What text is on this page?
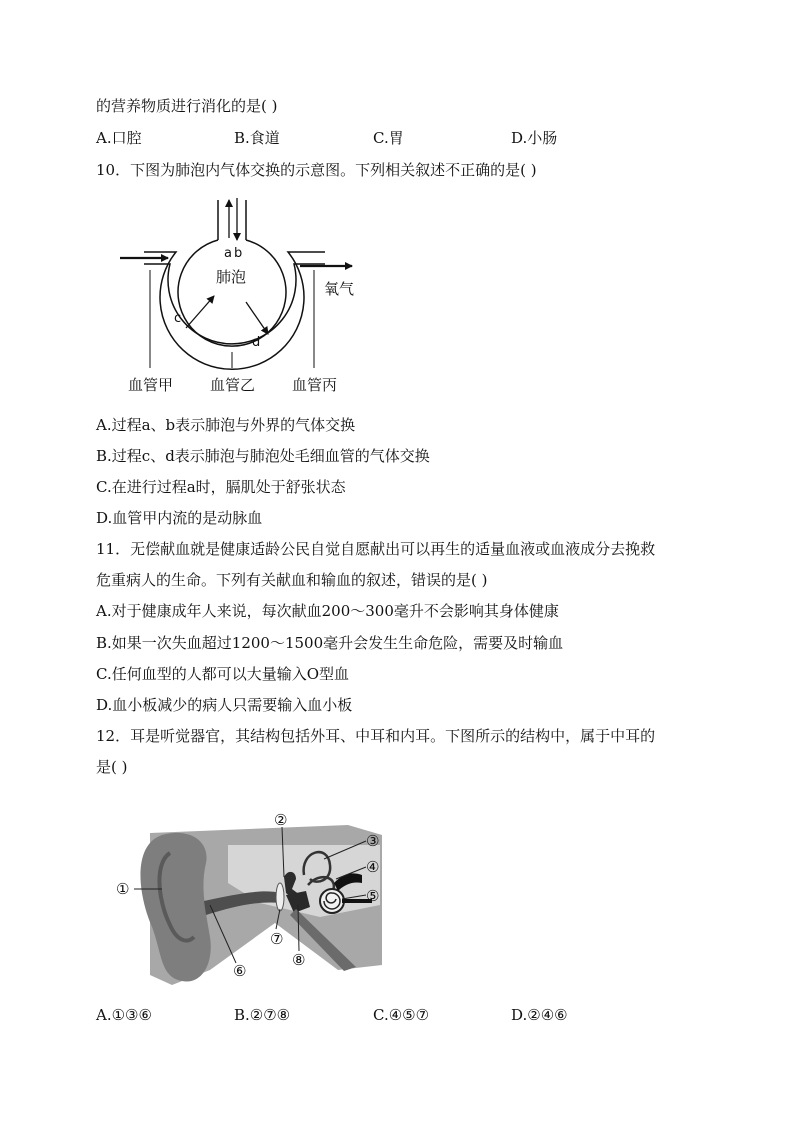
的营养物质进行消化的是( )
A.口腔	B.食道	C.胃	D.小肠
10．下图为肺泡内气体交换的示意图。下列相关叙述不正确的是( )
a b
肺泡
氧气
c
d
血管甲 血管乙 血管丙
A.过程a、b表示肺泡与外界的气体交换
B.过程c、d表示肺泡与肺泡处毛细血管的气体交换
C.在进行过程a时，膈肌处于舒张状态
D.血管甲内流的是动脉血
11．无偿献血就是健康适龄公民自觉自愿献出可以再生的适量血液或血液成分去挽救
危重病人的生命。下列有关献血和输血的叙述，错误的是( )
A.对于健康成年人来说，每次献血200～300毫升不会影响其身体健康
B.如果一次失血超过1200～1500毫升会发生生命危险，需要及时输血
C.任何血型的人都可以大量输入O型血
D.血小板减少的病人只需要输入血小板
12．耳是听觉器官，其结构包括外耳、中耳和内耳。下图所示的结构中，属于中耳的
是( )
①
②
③
④
⑤
⑥
⑦
⑧
A.①③⑥	B.②⑦⑧	C.④⑤⑦	D.②④⑥
